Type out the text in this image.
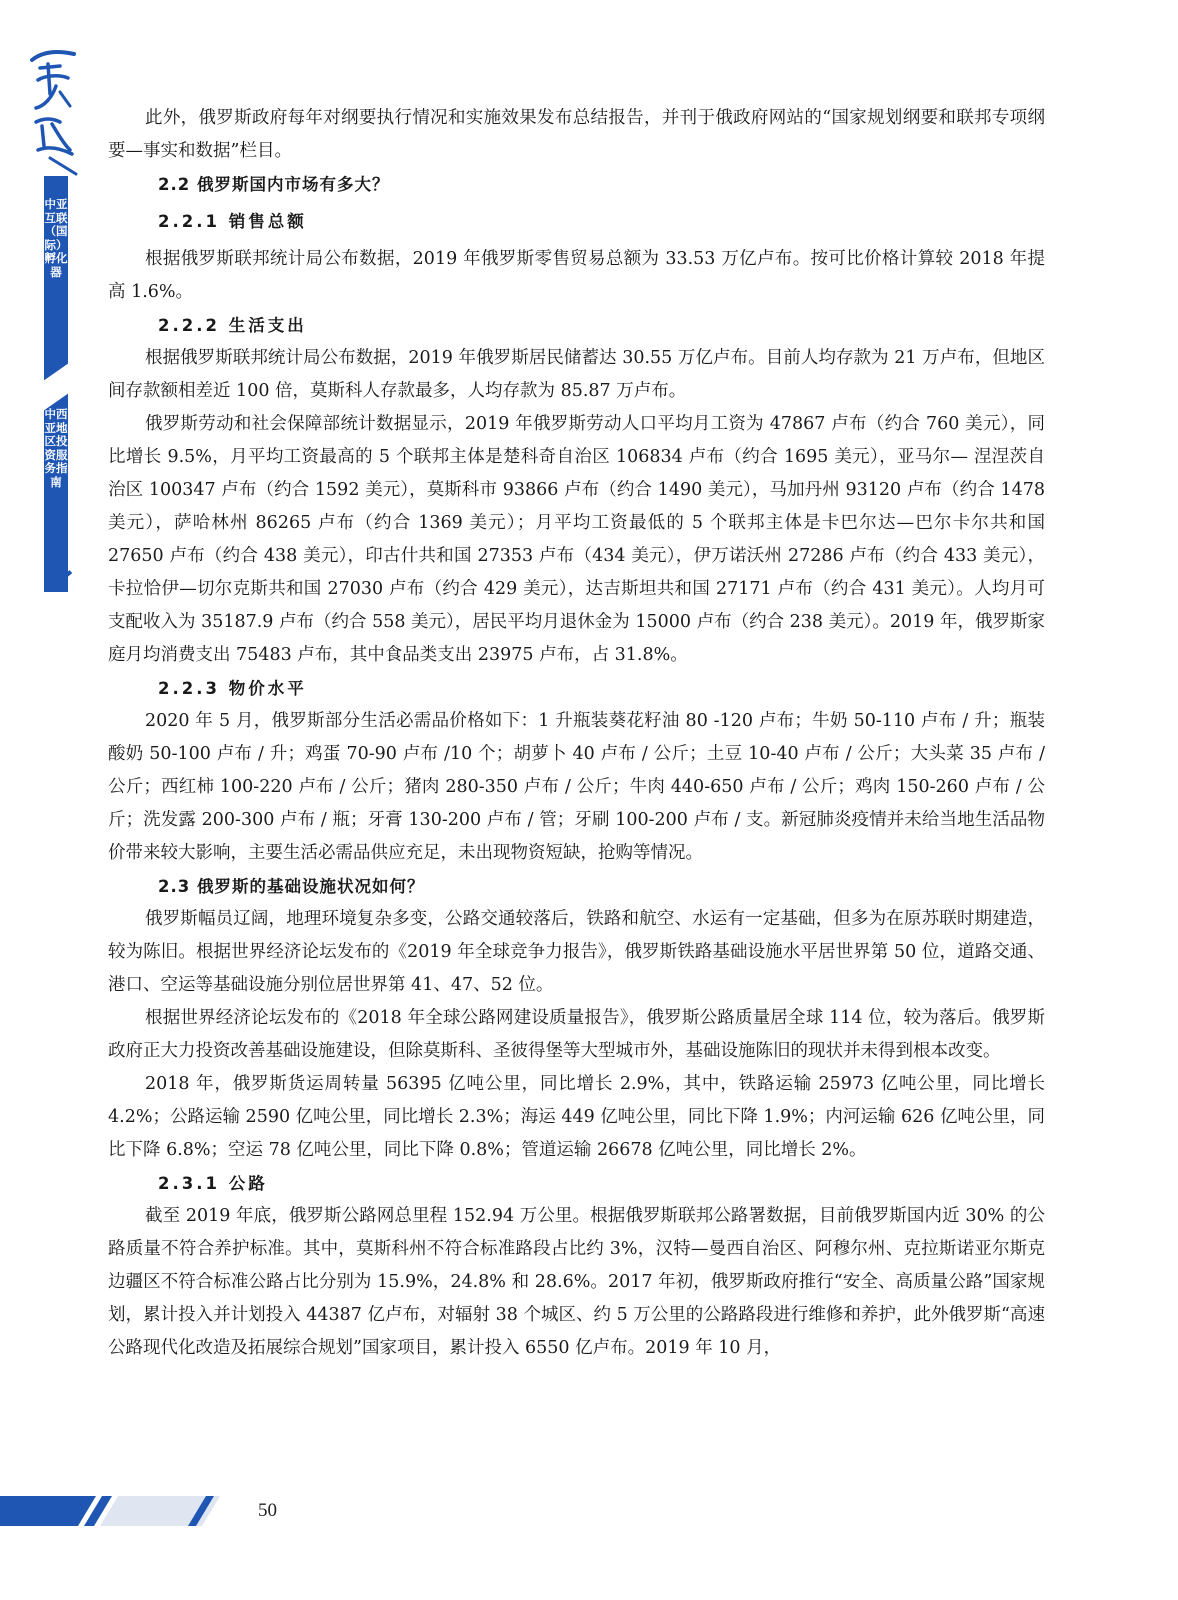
中亚互联（国际）孵化器
中西亚地区投资服务指南

此外，俄罗斯政府每年对纲要执行情况和实施效果发布总结报告，并刊于俄政府网站的“国家规划纲要和联邦专项纲要—事实和数据”栏目。

2.2 俄罗斯国内市场有多大？

2.2.1 销售总额

根据俄罗斯联邦统计局公布数据，2019 年俄罗斯零售贸易总额为 33.53 万亿卢布。按可比价格计算较 2018 年提高 1.6%。

2.2.2 生活支出

根据俄罗斯联邦统计局公布数据，2019 年俄罗斯居民储蓄达 30.55 万亿卢布。目前人均存款为 21 万卢布，但地区间存款额相差近 100 倍，莫斯科人存款最多，人均存款为 85.87 万卢布。

俄罗斯劳动和社会保障部统计数据显示，2019 年俄罗斯劳动人口平均月工资为 47867 卢布（约合 760 美元），同比增长 9.5%，月平均工资最高的 5 个联邦主体是楚科奇自治区 106834 卢布（约合 1695 美元），亚马尔— 涅涅茨自治区 100347 卢布（约合 1592 美元），莫斯科市 93866 卢布（约合 1490 美元），马加丹州 93120 卢布（约合 1478 美元），萨哈林州 86265 卢布（约合 1369 美元）；月平均工资最低的 5 个联邦主体是卡巴尔达—巴尔卡尔共和国 27650 卢布（约合 438 美元），印古什共和国 27353 卢布（434 美元），伊万诺沃州 27286 卢布（约合 433 美元），卡拉恰伊—切尔克斯共和国 27030 卢布（约合 429 美元），达吉斯坦共和国 27171 卢布（约合 431 美元）。人均月可支配收入为 35187.9 卢布（约合 558 美元），居民平均月退休金为 15000 卢布（约合 238 美元）。2019 年，俄罗斯家庭月均消费支出 75483 卢布，其中食品类支出 23975 卢布，占 31.8%。

2.2.3 物价水平

2020 年 5 月，俄罗斯部分生活必需品价格如下：1 升瓶装葵花籽油 80 -120 卢布；牛奶 50-110 卢布 / 升；瓶装酸奶 50-100 卢布 / 升；鸡蛋 70-90 卢布 /10 个；胡萝卜 40 卢布 / 公斤；土豆 10-40 卢布 / 公斤；大头菜 35 卢布 / 公斤；西红柿 100-220 卢布 / 公斤；猪肉 280-350 卢布 / 公斤；牛肉 440-650 卢布 / 公斤；鸡肉 150-260 卢布 / 公斤；洗发露 200-300 卢布 / 瓶；牙膏 130-200 卢布 / 管；牙刷 100-200 卢布 / 支。新冠肺炎疫情并未给当地生活品物价带来较大影响，主要生活必需品供应充足，未出现物资短缺，抢购等情况。

2.3 俄罗斯的基础设施状况如何？

俄罗斯幅员辽阔，地理环境复杂多变，公路交通较落后，铁路和航空、水运有一定基础，但多为在原苏联时期建造，较为陈旧。根据世界经济论坛发布的《2019 年全球竞争力报告》，俄罗斯铁路基础设施水平居世界第 50 位，道路交通、港口、空运等基础设施分别位居世界第 41、47、52 位。

根据世界经济论坛发布的《2018 年全球公路网建设质量报告》，俄罗斯公路质量居全球 114 位，较为落后。俄罗斯政府正大力投资改善基础设施建设，但除莫斯科、圣彼得堡等大型城市外，基础设施陈旧的现状并未得到根本改变。

2018 年，俄罗斯货运周转量 56395 亿吨公里，同比增长 2.9%，其中，铁路运输 25973 亿吨公里，同比增长 4.2%；公路运输 2590 亿吨公里，同比增长 2.3%；海运 449 亿吨公里，同比下降 1.9%；内河运输 626 亿吨公里，同比下降 6.8%；空运 78 亿吨公里，同比下降 0.8%；管道运输 26678 亿吨公里，同比增长 2%。

2.3.1 公路

截至 2019 年底，俄罗斯公路网总里程 152.94 万公里。根据俄罗斯联邦公路署数据，目前俄罗斯国内近 30% 的公路质量不符合养护标准。其中，莫斯科州不符合标准路段占比约 3%，汉特—曼西自治区、阿穆尔州、克拉斯诺亚尔斯克边疆区不符合标准公路占比分别为 15.9%，24.8% 和 28.6%。2017 年初，俄罗斯政府推行“安全、高质量公路”国家规划，累计投入并计划投入 44387 亿卢布，对辐射 38 个城区、约 5 万公里的公路路段进行维修和养护，此外俄罗斯“高速公路现代化改造及拓展综合规划”国家项目，累计投入 6550 亿卢布。2019 年 10 月，

50
